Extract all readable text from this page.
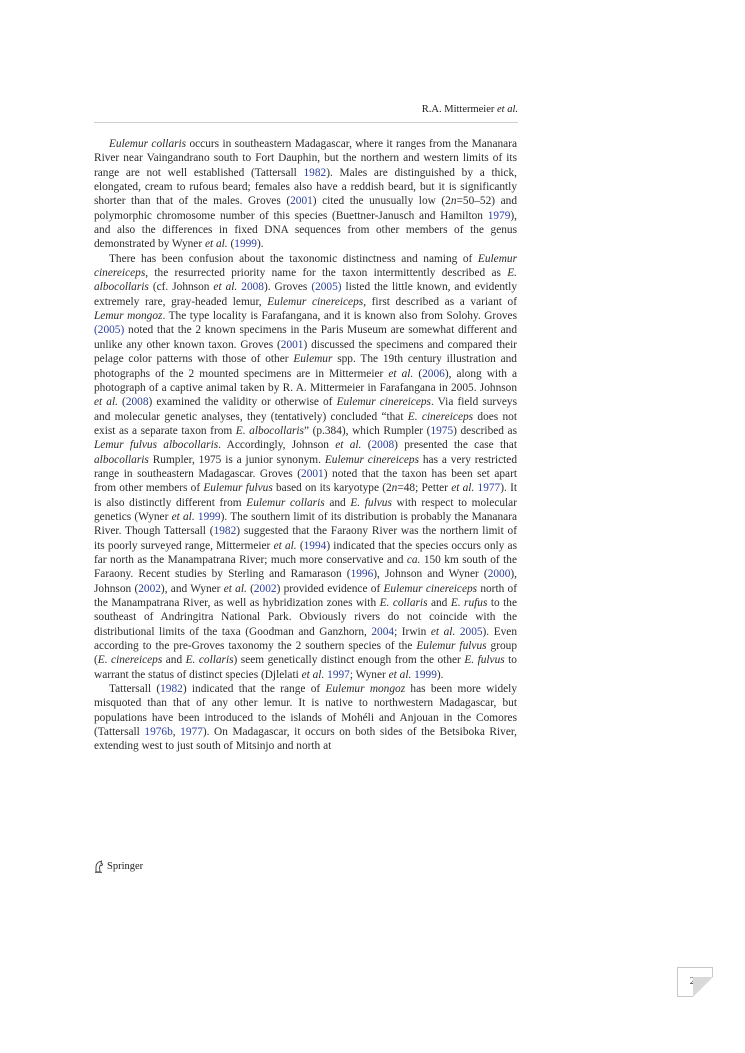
R.A. Mittermeier et al.

Eulemur collaris occurs in southeastern Madagascar, where it ranges from the Mananara River near Vaingandrano south to Fort Dauphin, but the northern and western limits of its range are not well established (Tattersall 1982). Males are distinguished by a thick, elongated, cream to rufous beard; females also have a reddish beard, but it is significantly shorter than that of the males. Groves (2001) cited the unusually low (2n=50–52) and polymorphic chromosome number of this species (Buettner-Janusch and Hamilton 1979), and also the differences in fixed DNA sequences from other members of the genus demonstrated by Wyner et al. (1999).

There has been confusion about the taxonomic distinctness and naming of Eulemur cinereiceps, the resurrected priority name for the taxon intermittently described as E. albocollaris (cf. Johnson et al. 2008). Groves (2005) listed the little known, and evidently extremely rare, gray-headed lemur, Eulemur cinereiceps, first described as a variant of Lemur mongoz. The type locality is Farafangana, and it is known also from Solohy. Groves (2005) noted that the 2 known specimens in the Paris Museum are somewhat different and unlike any other known taxon. Groves (2001) discussed the specimens and compared their pelage color patterns with those of other Eulemur spp. The 19th century illustration and photographs of the 2 mounted specimens are in Mittermeier et al. (2006), along with a photograph of a captive animal taken by R. A. Mittermeier in Farafangana in 2005. Johnson et al. (2008) examined the validity or otherwise of Eulemur cinereiceps. Via field surveys and molecular genetic analyses, they (tentatively) concluded “that E. cinereiceps does not exist as a separate taxon from E. albocollaris” (p.384), which Rumpler (1975) described as Lemur fulvus albocollaris. Accordingly, Johnson et al. (2008) presented the case that albocollaris Rumpler, 1975 is a junior synonym. Eulemur cinereiceps has a very restricted range in southeastern Madagascar. Groves (2001) noted that the taxon has been set apart from other members of Eulemur fulvus based on its karyotype (2n=48; Petter et al. 1977). It is also distinctly different from Eulemur collaris and E. fulvus with respect to molecular genetics (Wyner et al. 1999). The southern limit of its distribution is probably the Mananara River. Though Tattersall (1982) suggested that the Faraony River was the northern limit of its poorly surveyed range, Mittermeier et al. (1994) indicated that the species occurs only as far north as the Manampatrana River; much more conservative and ca. 150 km south of the Faraony. Recent studies by Sterling and Ramarason (1996), Johnson and Wyner (2000), Johnson (2002), and Wyner et al. (2002) provided evidence of Eulemur cinereiceps north of the Manampatrana River, as well as hybridization zones with E. collaris and E. rufus to the southeast of Andringitra National Park. Obviously rivers do not coincide with the distributional limits of the taxa (Goodman and Ganzhorn, 2004; Irwin et al. 2005). Even according to the pre-Groves taxonomy the 2 southern species of the Eulemur fulvus group (E. cinereiceps and E. collaris) seem genetically distinct enough from the other E. fulvus to warrant the status of distinct species (Djlelati et al. 1997; Wyner et al. 1999).

Tattersall (1982) indicated that the range of Eulemur mongoz has been more widely misquoted than that of any other lemur. It is native to northwestern Madagascar, but populations have been introduced to the islands of Mohéli and Anjouan in the Comores (Tattersall 1976b, 1977). On Madagascar, it occurs on both sides of the Betsiboka River, extending west to just south of Mitsinjo and north at

Springer
29
